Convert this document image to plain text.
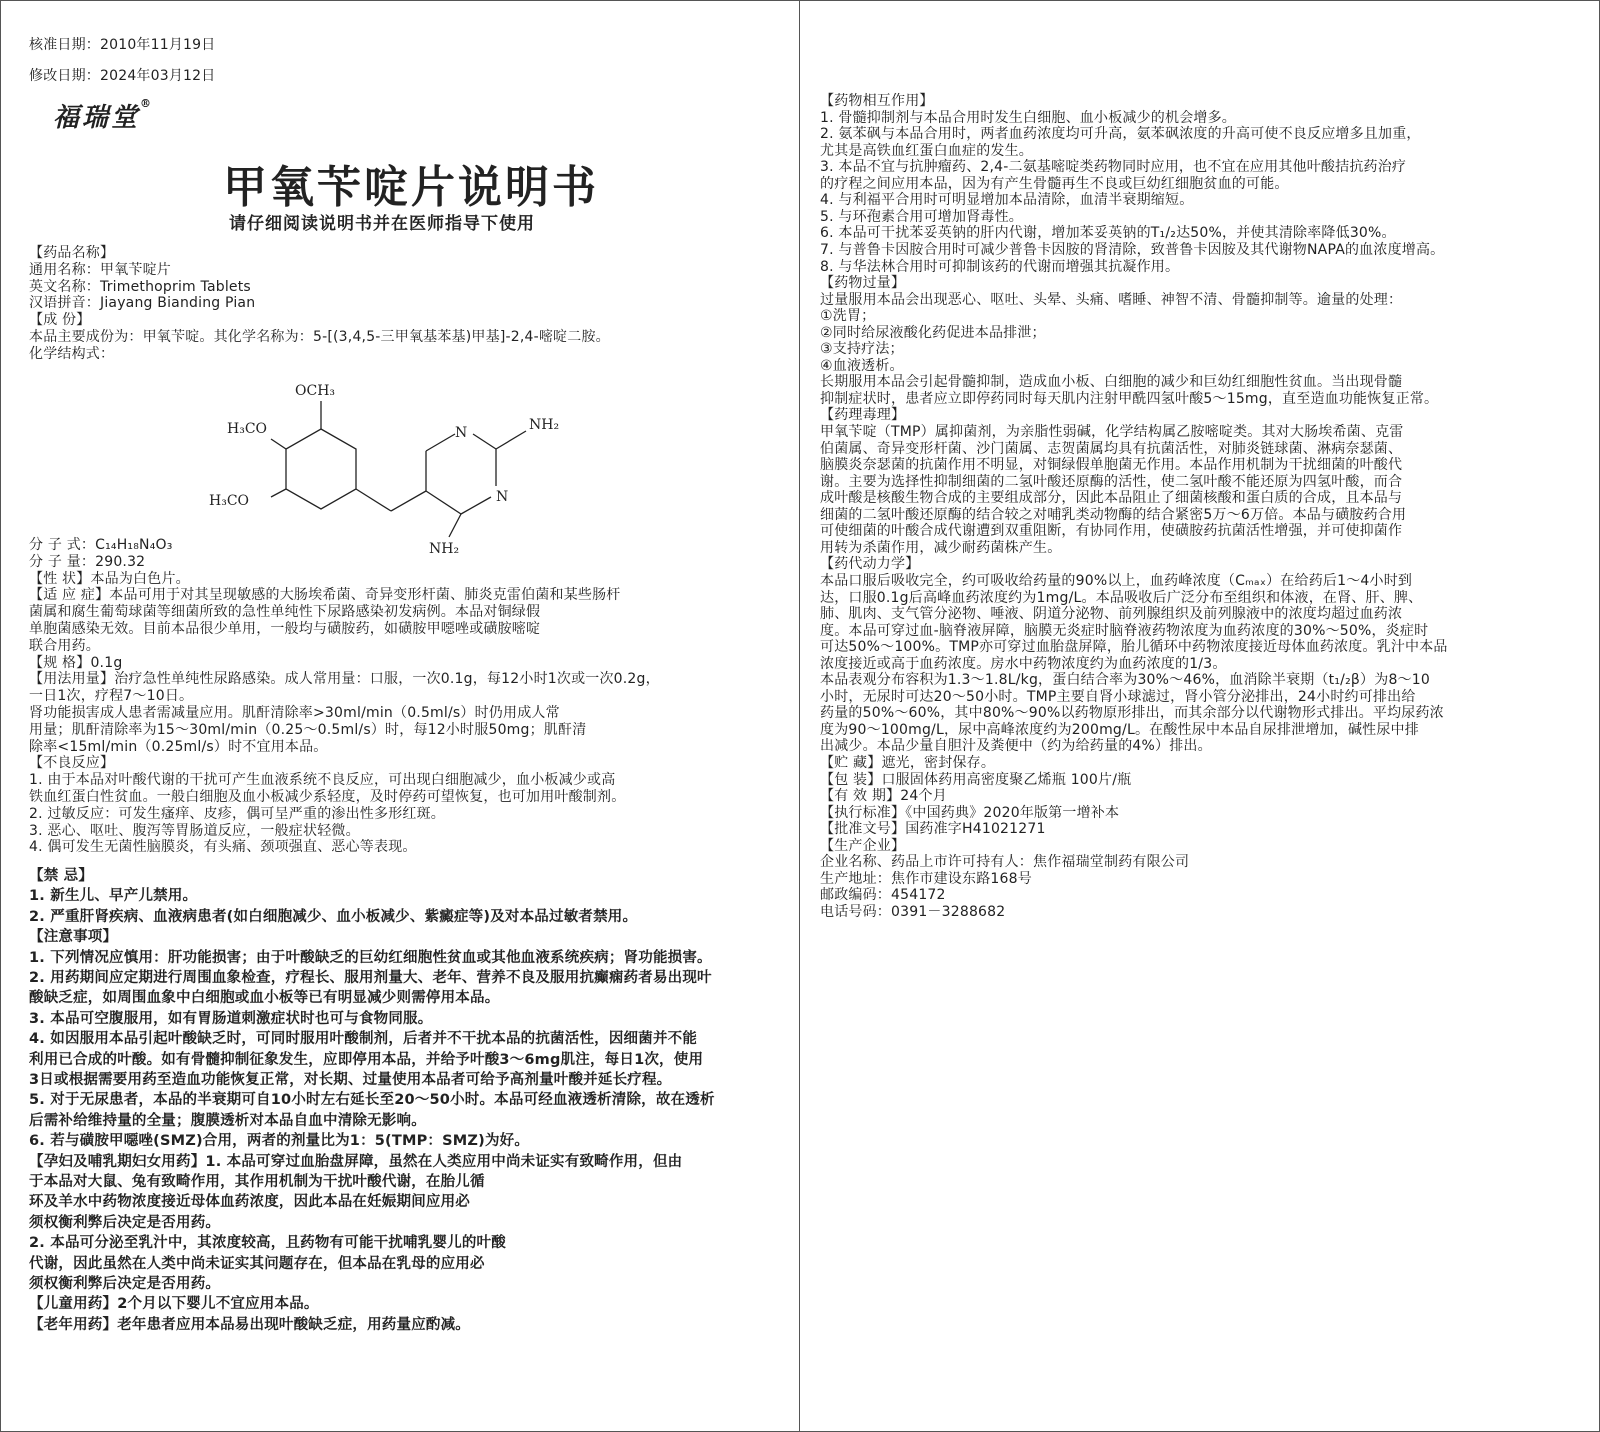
核准日期：2010年11月19日
修改日期：2024年03月12日
福瑞堂®
甲氧苄啶片说明书
请仔细阅读说明书并在医师指导下使用
【药品名称】
通用名称：甲氧苄啶片
英文名称：Trimethoprim Tablets
汉语拼音：Jiayang Bianding Pian
【成 份】
本品主要成份为：甲氧苄啶。其化学名称为：5-[(3,4,5-三甲氧基苯基)甲基]-2,4-嘧啶二胺。
化学结构式：
OCH₃
H₃CO
H₃CO
N
N
NH₂
NH₂
分 子 式：C₁₄H₁₈N₄O₃
分 子 量：290.32
【性 状】本品为白色片。
【适 应 症】本品可用于对其呈现敏感的大肠埃希菌、奇异变形杆菌、肺炎克雷伯菌和某些肠杆
菌属和腐生葡萄球菌等细菌所致的急性单纯性下尿路感染初发病例。本品对铜绿假
单胞菌感染无效。目前本品很少单用，一般均与磺胺药，如磺胺甲噁唑或磺胺嘧啶
联合用药。
【规 格】0.1g
【用法用量】治疗急性单纯性尿路感染。成人常用量：口服，一次0.1g，每12小时1次或一次0.2g，
一日1次，疗程7～10日。
肾功能损害成人患者需减量应用。肌酐清除率>30ml/min（0.5ml/s）时仍用成人常
用量；肌酐清除率为15～30ml/min（0.25～0.5ml/s）时，每12小时服50mg；肌酐清
除率<15ml/min（0.25ml/s）时不宜用本品。
【不良反应】
1. 由于本品对叶酸代谢的干扰可产生血液系统不良反应，可出现白细胞减少，血小板减少或高
铁血红蛋白性贫血。一般白细胞及血小板减少系轻度，及时停药可望恢复，也可加用叶酸制剂。
2. 过敏反应：可发生瘙痒、皮疹，偶可呈严重的渗出性多形红斑。
3. 恶心、呕吐、腹泻等胃肠道反应，一般症状轻微。
4. 偶可发生无菌性脑膜炎，有头痛、颈项强直、恶心等表现。
【禁 忌】
1. 新生儿、早产儿禁用。
2. 严重肝肾疾病、血液病患者(如白细胞减少、血小板减少、紫癜症等)及对本品过敏者禁用。
【注意事项】
1. 下列情况应慎用：肝功能损害；由于叶酸缺乏的巨幼红细胞性贫血或其他血液系统疾病；肾功能损害。
2. 用药期间应定期进行周围血象检查，疗程长、服用剂量大、老年、营养不良及服用抗癫痫药者易出现叶
酸缺乏症，如周围血象中白细胞或血小板等已有明显减少则需停用本品。
3. 本品可空腹服用，如有胃肠道刺激症状时也可与食物同服。
4. 如因服用本品引起叶酸缺乏时，可同时服用叶酸制剂，后者并不干扰本品的抗菌活性，因细菌并不能
利用已合成的叶酸。如有骨髓抑制征象发生，应即停用本品，并给予叶酸3～6mg肌注，每日1次，使用
3日或根据需要用药至造血功能恢复正常，对长期、过量使用本品者可给予高剂量叶酸并延长疗程。
5. 对于无尿患者，本品的半衰期可自10小时左右延长至20～50小时。本品可经血液透析清除，故在透析
后需补给维持量的全量；腹膜透析对本品自血中清除无影响。
6. 若与磺胺甲噁唑(SMZ)合用，两者的剂量比为1：5(TMP：SMZ)为好。
【孕妇及哺乳期妇女用药】1. 本品可穿过血胎盘屏障，虽然在人类应用中尚未证实有致畸作用，但由
于本品对大鼠、兔有致畸作用，其作用机制为干扰叶酸代谢，在胎儿循
环及羊水中药物浓度接近母体血药浓度，因此本品在妊娠期间应用必
须权衡利弊后决定是否用药。
2. 本品可分泌至乳汁中，其浓度较高，且药物有可能干扰哺乳婴儿的叶酸
代谢，因此虽然在人类中尚未证实其问题存在，但本品在乳母的应用必
须权衡利弊后决定是否用药。
【儿童用药】2个月以下婴儿不宜应用本品。
【老年用药】老年患者应用本品易出现叶酸缺乏症，用药量应酌减。
【药物相互作用】
1. 骨髓抑制剂与本品合用时发生白细胞、血小板减少的机会增多。
2. 氨苯砜与本品合用时，两者血药浓度均可升高，氨苯砜浓度的升高可使不良反应增多且加重，
尤其是高铁血红蛋白血症的发生。
3. 本品不宜与抗肿瘤药、2,4-二氨基嘧啶类药物同时应用，也不宜在应用其他叶酸拮抗药治疗
的疗程之间应用本品，因为有产生骨髓再生不良或巨幼红细胞贫血的可能。
4. 与利福平合用时可明显增加本品清除，血清半衰期缩短。
5. 与环孢素合用可增加肾毒性。
6. 本品可干扰苯妥英钠的肝内代谢，增加苯妥英钠的T₁/₂达50%，并使其清除率降低30%。
7. 与普鲁卡因胺合用时可减少普鲁卡因胺的肾清除，致普鲁卡因胺及其代谢物NAPA的血浓度增高。
8. 与华法林合用时可抑制该药的代谢而增强其抗凝作用。
【药物过量】
过量服用本品会出现恶心、呕吐、头晕、头痛、嗜睡、神智不清、骨髓抑制等。逾量的处理：
①洗胃；
②同时给尿液酸化药促进本品排泄；
③支持疗法；
④血液透析。
长期服用本品会引起骨髓抑制，造成血小板、白细胞的减少和巨幼红细胞性贫血。当出现骨髓
抑制症状时，患者应立即停药同时每天肌内注射甲酰四氢叶酸5～15mg，直至造血功能恢复正常。
【药理毒理】
甲氧苄啶（TMP）属抑菌剂，为亲脂性弱碱，化学结构属乙胺嘧啶类。其对大肠埃希菌、克雷
伯菌属、奇异变形杆菌、沙门菌属、志贺菌属均具有抗菌活性，对肺炎链球菌、淋病奈瑟菌、
脑膜炎奈瑟菌的抗菌作用不明显，对铜绿假单胞菌无作用。本品作用机制为干扰细菌的叶酸代
谢。主要为选择性抑制细菌的二氢叶酸还原酶的活性，使二氢叶酸不能还原为四氢叶酸，而合
成叶酸是核酸生物合成的主要组成部分，因此本品阻止了细菌核酸和蛋白质的合成，且本品与
细菌的二氢叶酸还原酶的结合较之对哺乳类动物酶的结合紧密5万～6万倍。本品与磺胺药合用
可使细菌的叶酸合成代谢遭到双重阻断，有协同作用，使磺胺药抗菌活性增强，并可使抑菌作
用转为杀菌作用，减少耐药菌株产生。
【药代动力学】
本品口服后吸收完全，约可吸收给药量的90%以上，血药峰浓度（Cₘₐₓ）在给药后1～4小时到
达，口服0.1g后高峰血药浓度约为1mg/L。本品吸收后广泛分布至组织和体液，在肾、肝、脾、
肺、肌肉、支气管分泌物、唾液、阴道分泌物、前列腺组织及前列腺液中的浓度均超过血药浓
度。本品可穿过血-脑脊液屏障，脑膜无炎症时脑脊液药物浓度为血药浓度的30%～50%，炎症时
可达50%～100%。TMP亦可穿过血胎盘屏障，胎儿循环中药物浓度接近母体血药浓度。乳汁中本品
浓度接近或高于血药浓度。房水中药物浓度约为血药浓度的1/3。
本品表观分布容积为1.3～1.8L/kg，蛋白结合率为30%～46%，血消除半衰期（t₁/₂β）为8～10
小时，无尿时可达20～50小时。TMP主要自肾小球滤过，肾小管分泌排出，24小时约可排出给
药量的50%～60%，其中80%～90%以药物原形排出，而其余部分以代谢物形式排出。平均尿药浓
度为90～100mg/L，尿中高峰浓度约为200mg/L。在酸性尿中本品自尿排泄增加，碱性尿中排
出减少。本品少量自胆汁及粪便中（约为给药量的4%）排出。
【贮 藏】遮光，密封保存。
【包 装】口服固体药用高密度聚乙烯瓶 100片/瓶
【有 效 期】24个月
【执行标准】《中国药典》2020年版第一增补本
【批准文号】国药准字H41021271
【生产企业】
企业名称、药品上市许可持有人：焦作福瑞堂制药有限公司
生产地址：焦作市建设东路168号
邮政编码：454172
电话号码：0391－3288682
